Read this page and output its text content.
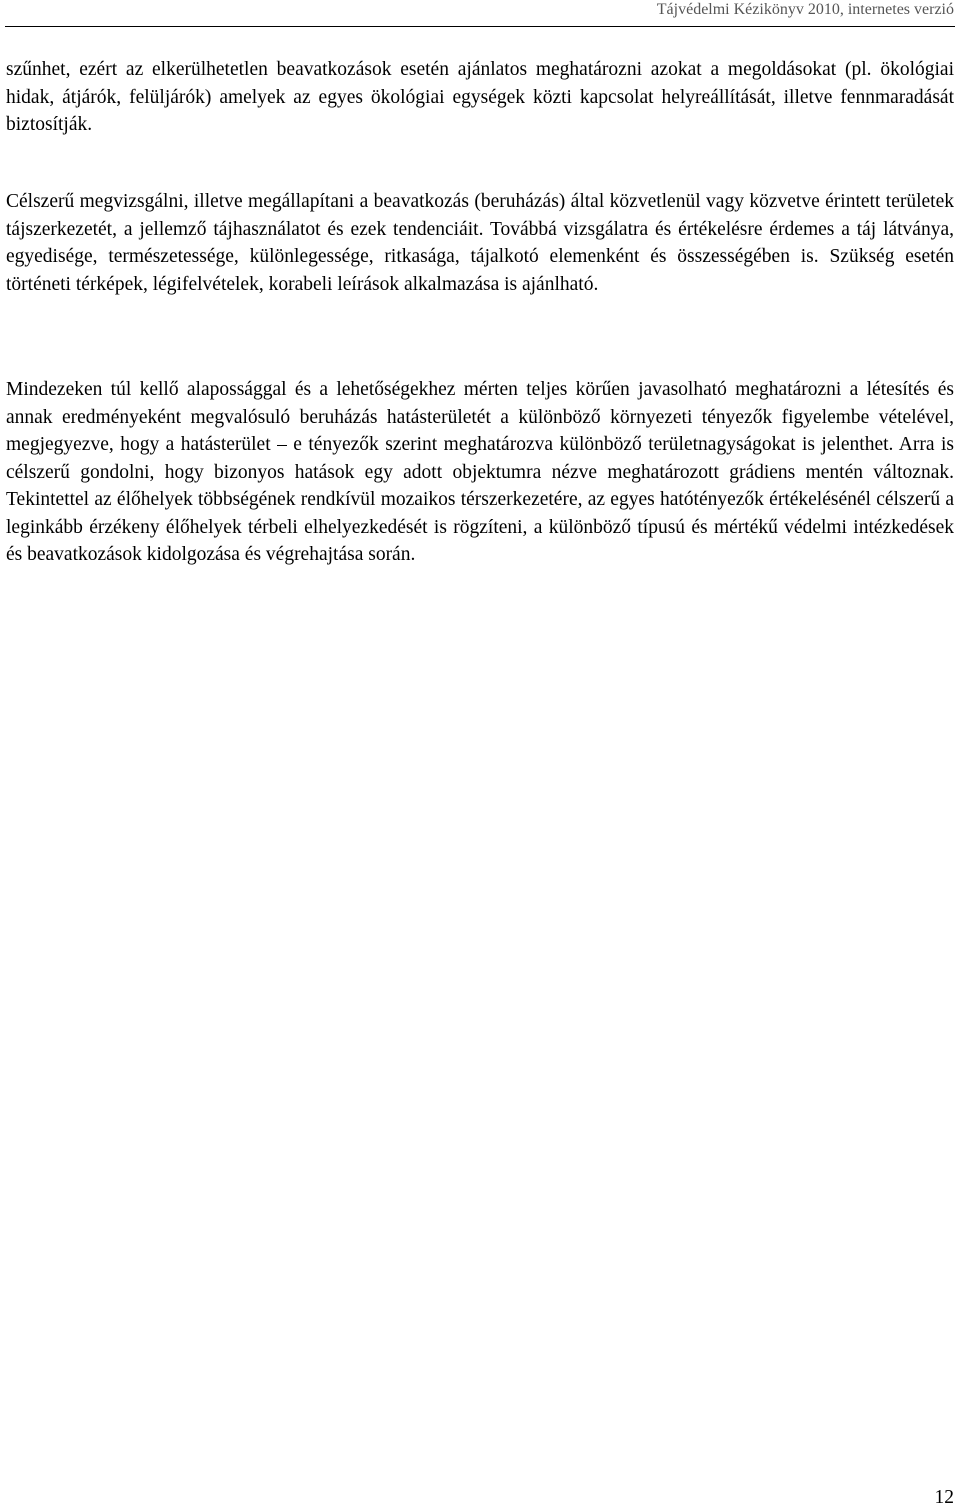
Tájvédelmi Kézikönyv 2010, internetes verzió

szűnhet, ezért az elkerülhetetlen beavatkozások esetén ajánlatos meghatározni azokat a megoldásokat (pl. ökológiai hidak, átjárók, felüljárók) amelyek az egyes ökológiai egységek közti kapcsolat helyreállítását, illetve fennmaradását biztosítják.

Célszerű megvizsgálni, illetve megállapítani a beavatkozás (beruházás) által közvetlenül vagy közvetve érintett területek tájszerkezetét, a jellemző tájhasználatot és ezek tendenciáit. Továbbá vizsgálatra és értékelésre érdemes a táj látványa, egyedisége, természetessége, különlegessége, ritkasága, tájalkotó elemenként és összességében is. Szükség esetén történeti térképek, légifelvételek, korabeli leírások alkalmazása is ajánlható.

Mindezeken túl kellő alapossággal és a lehetőségekhez mérten teljes körűen javasolható meghatározni a létesítés és annak eredményeként megvalósuló beruházás hatásterületét a különböző környezeti tényezők figyelembe vételével, megjegyezve, hogy a hatásterület – e tényezők szerint meghatározva különböző területnagyságokat is jelenthet. Arra is célszerű gondolni, hogy bizonyos hatások egy adott objektumra nézve meghatározott grádiens mentén változnak. Tekintettel az élőhelyek többségének rendkívül mozaikos térszerkezetére, az egyes hatótényezők értékelésénél célszerű a leginkább érzékeny élőhelyek térbeli elhelyezkedését is rögzíteni, a különböző típusú és mértékű védelmi intézkedések és beavatkozások kidolgozása és végrehajtása során.

12
